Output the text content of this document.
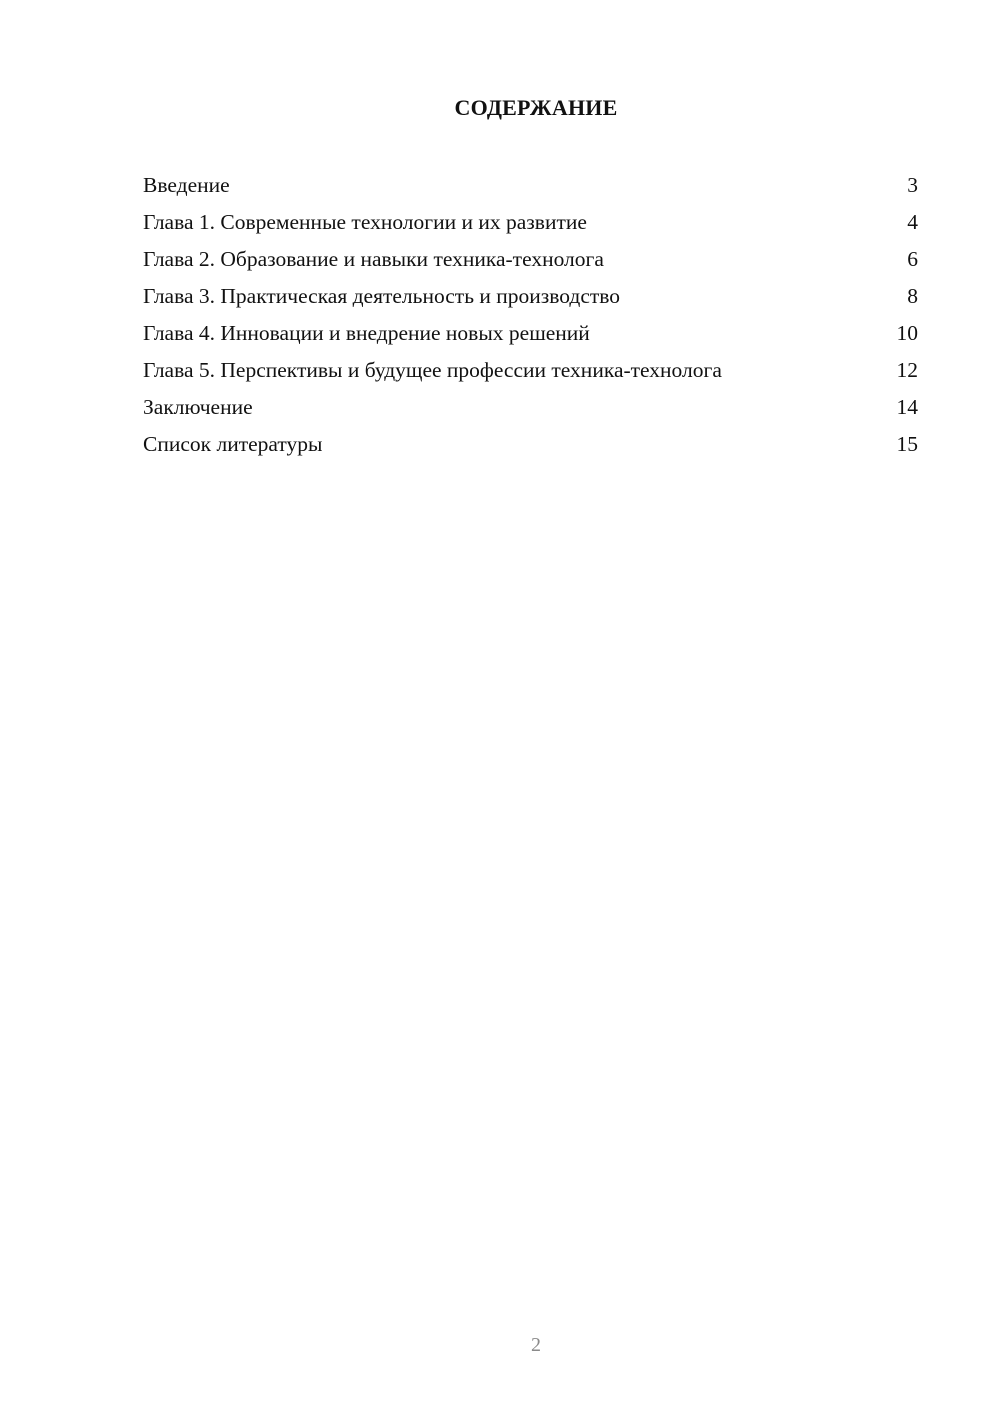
СОДЕРЖАНИЕ
Введение	3
Глава 1. Современные технологии и их развитие	4
Глава 2. Образование и навыки техника-технолога	6
Глава 3. Практическая деятельность и производство	8
Глава 4. Инновации и внедрение новых решений	10
Глава 5. Перспективы и будущее профессии техника-технолога	12
Заключение	14
Список литературы	15
2
